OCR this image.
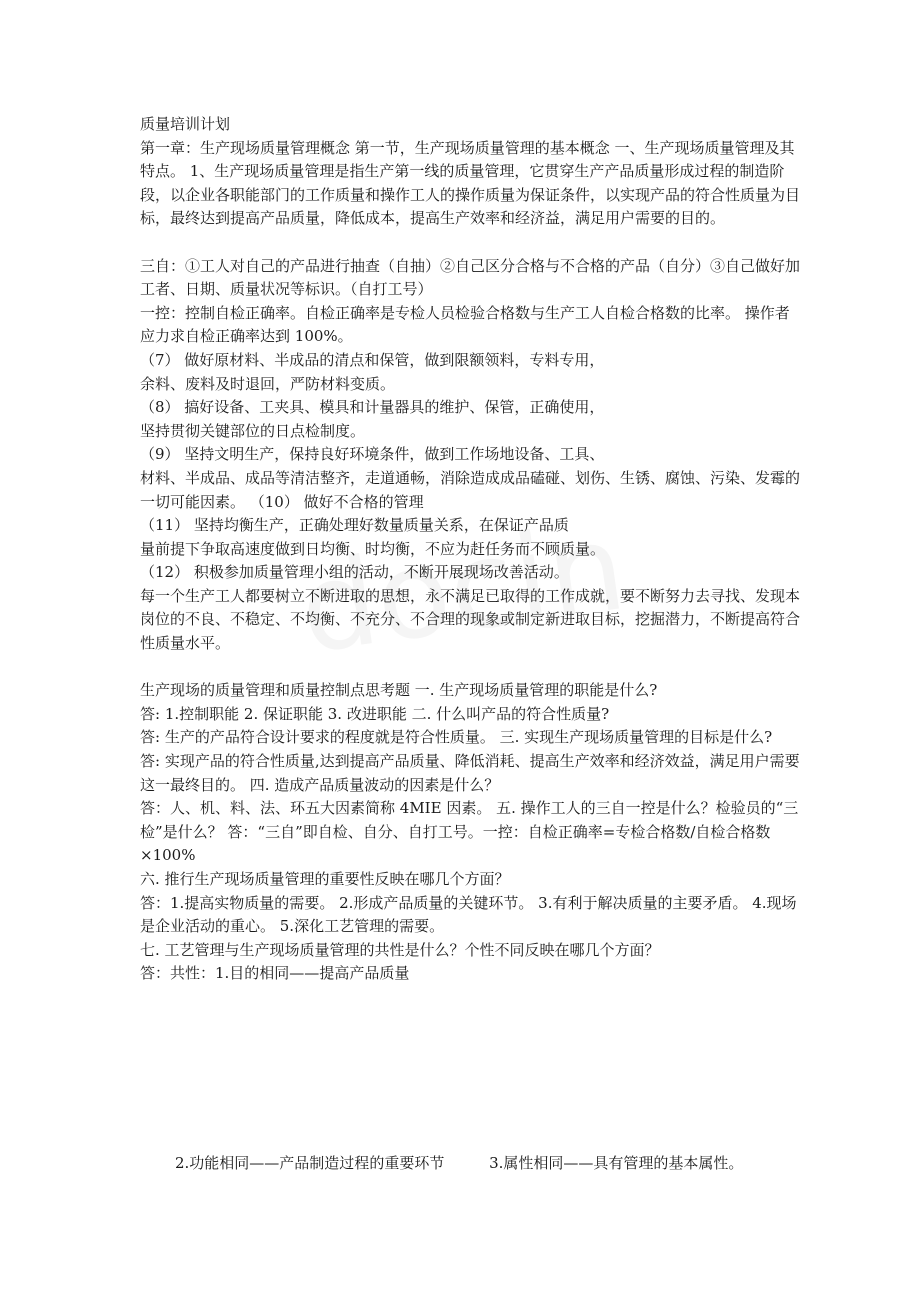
质量培训计划

第一章：生产现场质量管理概念 第一节，生产现场质量管理的基本概念 一、生产现场质量管理及其特点。 1、生产现场质量管理是指生产第一线的质量管理，它贯穿生产产品质量形成过程的制造阶段，以企业各职能部门的工作质量和操作工人的操作质量为保证条件，以实现产品的符合性质量为目标，最终达到提高产品质量，降低成本，提高生产效率和经济益，满足用户需要的目的。

三自：①工人对自己的产品进行抽查（自抽）②自己区分合格与不合格的产品（自分）③自己做好加工者、日期、质量状况等标识。（自打工号）

一控：控制自检正确率。自检正确率是专检人员检验合格数与生产工人自检合格数的比率。 操作者应力求自检正确率达到 100%。

（7） 做好原材料、半成品的清点和保管，做到限额领料，专料专用，

余料、废料及时退回，严防材料变质。

（8） 搞好设备、工夹具、模具和计量器具的维护、保管，正确使用，

坚持贯彻关键部位的日点检制度。

（9） 坚持文明生产，保持良好环境条件，做到工作场地设备、工具、

材料、半成品、成品等清洁整齐，走道通畅，消除造成成品磕碰、划伤、生锈、腐蚀、污染、发霉的一切可能因素。 （10） 做好不合格的管理

（11） 坚持均衡生产，正确处理好数量质量关系，在保证产品质

量前提下争取高速度做到日均衡、时均衡，不应为赶任务而不顾质量。

（12） 积极参加质量管理小组的活动，不断开展现场改善活动。

每一个生产工人都要树立不断进取的思想，永不满足已取得的工作成就，要不断努力去寻找、发现本岗位的不良、不稳定、不均衡、不充分、不合理的现象或制定新进取目标，挖掘潜力，不断提高符合性质量水平。

生产现场的质量管理和质量控制点思考题 一. 生产现场质量管理的职能是什么?

答: 1.控制职能 2. 保证职能 3. 改进职能 二. 什么叫产品的符合性质量?

答: 生产的产品符合设计要求的程度就是符合性质量。 三. 实现生产现场质量管理的目标是什么?

答: 实现产品的符合性质量,达到提高产品质量、降低消耗、提高生产效率和经济效益，满足用户需要这一最终目的。 四. 造成产品质量波动的因素是什么？

答：人、机、料、法、环五大因素简称 4MIE 因素。 五. 操作工人的三自一控是什么？检验员的“三检”是什么？ 答：“三自”即自检、自分、自打工号。一控：自检正确率=专检合格数/自检合格数×100%

六. 推行生产现场质量管理的重要性反映在哪几个方面？

答：1.提高实物质量的需要。 2.形成产品质量的关键环节。 3.有利于解决质量的主要矛盾。 4.现场是企业活动的重心。 5.深化工艺管理的需要。

七. 工艺管理与生产现场质量管理的共性是什么？个性不同反映在哪几个方面？

答：共性：1.目的相同——提高产品质量

2.功能相同——产品制造过程的重要环节	3.属性相同——具有管理的基本属性。
